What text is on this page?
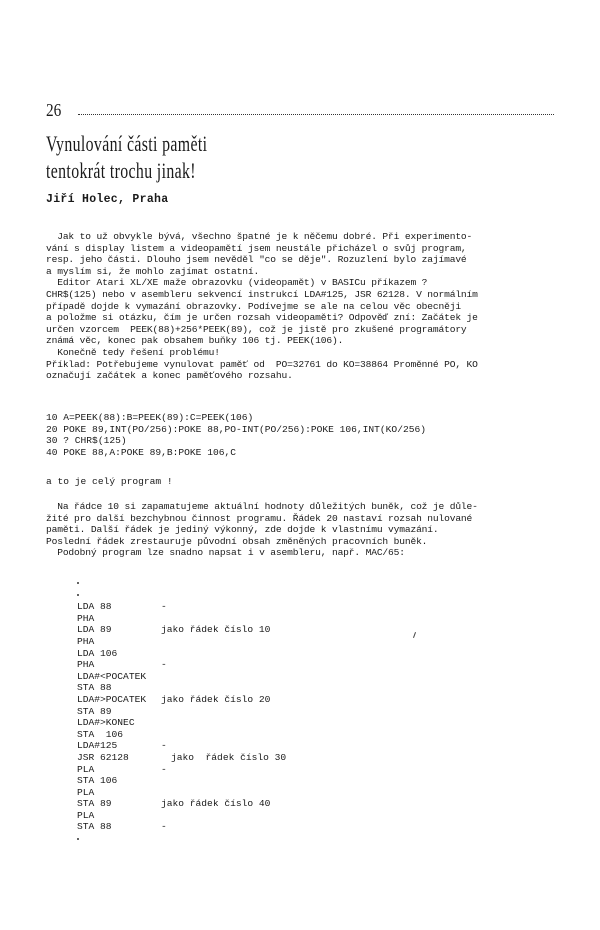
26
Vynulování části paměti
tentokrát trochu jinak!
Jiří Holec, Praha
Jak to už obvykle bývá, všechno špatné je k něčemu dobré. Při experimento-
vání s display listem a videopamětí jsem neustále přicházel o svůj program,
resp. jeho části. Dlouho jsem nevěděl "co se děje". Rozuzlení bylo zajímavé
a myslím si, že mohlo zajímat ostatní.
Editor Atari XL/XE maže obrazovku (videopamět) v BASICu příkazem ?
CHR$(125) nebo v asembleru sekvencí instrukcí LDA#125, JSR 62128. V normálním
případě dojde k vymazání obrazovky. Podívejme se ale na celou věc obecněji
a položme si otázku, čím je určen rozsah videopaměti? Odpověď zní: Začátek je
určen vzorcem  PEEK(88)+256*PEEK(89), což je jistě pro zkušené programátory
známá věc, konec pak obsahem buňky 106 tj. PEEK(106).
Konečně tedy řešení problému!
Příklad: Potřebujeme vynulovat paměť od  PO=32761 do KO=38864 Proměnné PO, KO
označují začátek a konec paměťového rozsahu.
10 A=PEEK(88):B=PEEK(89):C=PEEK(106)
20 POKE 89,INT(PO/256):POKE 88,PO-INT(PO/256):POKE 106,INT(KO/256)
30 ? CHR$(125)
40 POKE 88,A:POKE 89,B:POKE 106,C
a to je celý program !
Na řádce 10 si zapamatujeme aktuální hodnoty důležitých buněk, což je důle-
žité pro další bezchybnou činnost programu. Řádek 20 nastaví rozsah nulované
paměti. Další řádek je jediný výkonný, zde dojde k vlastnímu vymazání.
Poslední řádek zrestauruje původní obsah změněných pracovních buněk.
Podobný program lze snadno napsat i v asembleru, např. MAC/65:
LDA 88	-
PHA
LDA 89	jako řádek číslo 10
PHA
LDA 106
PHA	-
LDA#<POCATEK
STA 88
LDA#>POCATEK jako řádek číslo 20
STA 89
LDA#>KONEC
STA  106
LDA#125	-
JSR 62128	jako  řádek číslo 30
PLA	-
STA 106
PLA
STA 89	jako řádek číslo 40
PLA
STA 88	-
